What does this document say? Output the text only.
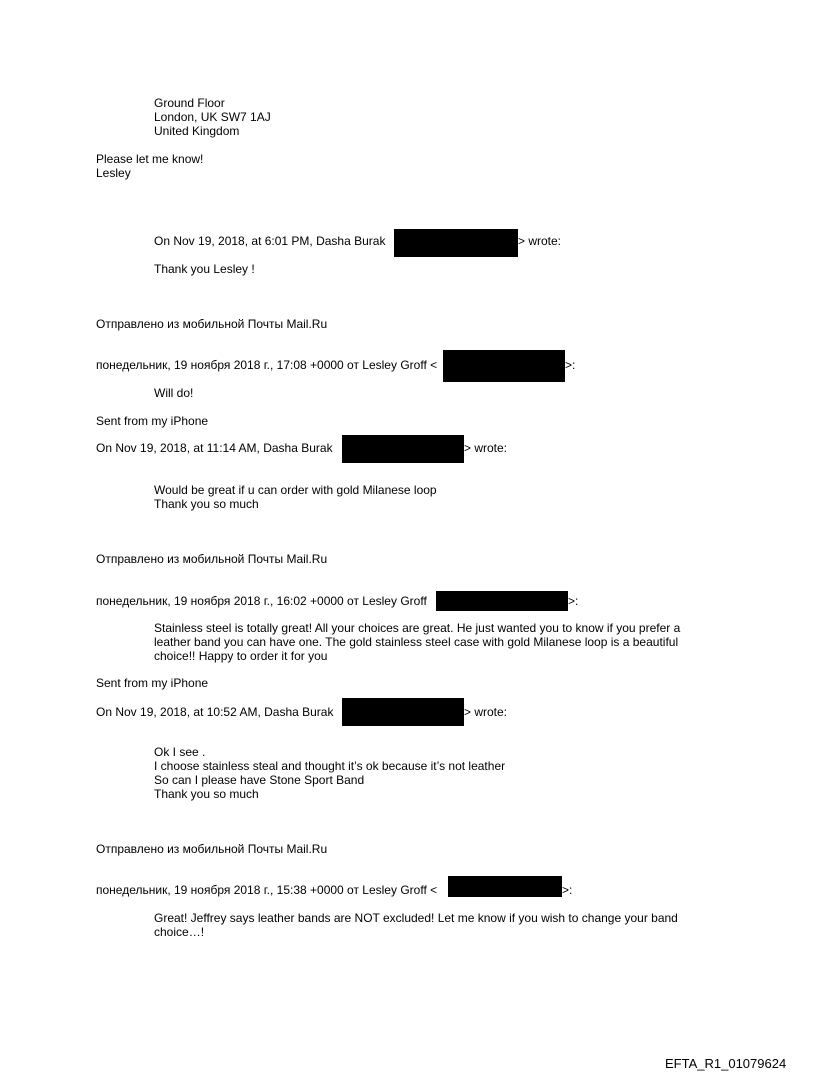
Ground Floor
London, UK SW7 1AJ
United Kingdom
Please let me know!
Lesley
On Nov 19, 2018, at 6:01 PM, Dasha Burak	> wrote:
Thank you Lesley !
Отправлено из мобильной Почты Mail.Ru
понедельник, 19 ноября 2018 г., 17:08 +0000 от Lesley Groff <	>:
Will do!
Sent from my iPhone
On Nov 19, 2018, at 11:14 AM, Dasha Burak	> wrote:
Would be great if u can order with gold Milanese loop
Thank you so much
Отправлено из мобильной Почты Mail.Ru
понедельник, 19 ноября 2018 г., 16:02 +0000 от Lesley Groff	>:
Stainless steel is totally great! All your choices are great. He just wanted you to know if you prefer a
leather band you can have one. The gold stainless steel case with gold Milanese loop is a beautiful
choice!! Happy to order it for you
Sent from my iPhone
On Nov 19, 2018, at 10:52 AM, Dasha Burak	> wrote:
Ok I see .
I choose stainless steal and thought it’s ok because it’s not leather
So can I please have Stone Sport Band
Thank you so much
Отправлено из мобильной Почты Mail.Ru
понедельник, 19 ноября 2018 г., 15:38 +0000 от Lesley Groff <	>:
Great! Jeffrey says leather bands are NOT excluded! Let me know if you wish to change your band
choice…!
EFTA_R1_01079624
